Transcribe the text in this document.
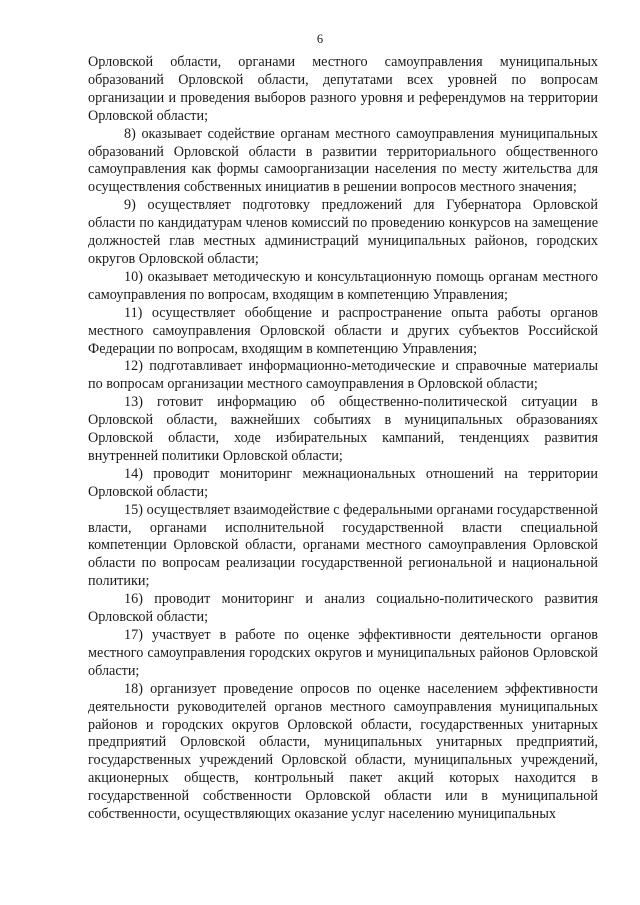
6

Орловской области, органами местного самоуправления муниципальных образований Орловской области, депутатами всех уровней по вопросам организации и проведения выборов разного уровня и референдумов на территории Орловской области;

8) оказывает содействие органам местного самоуправления муниципальных образований Орловской области в развитии территориального общественного самоуправления как формы самоорганизации населения по месту жительства для осуществления собственных инициатив в решении вопросов местного значения;

9) осуществляет подготовку предложений для Губернатора Орловской области по кандидатурам членов комиссий по проведению конкурсов на замещение должностей глав местных администраций муниципальных районов, городских округов Орловской области;

10) оказывает методическую и консультационную помощь органам местного самоуправления по вопросам, входящим в компетенцию Управления;

11) осуществляет обобщение и распространение опыта работы органов местного самоуправления Орловской области и других субъектов Российской Федерации по вопросам, входящим в компетенцию Управления;

12) подготавливает информационно-методические и справочные материалы по вопросам организации местного самоуправления в Орловской области;

13) готовит информацию об общественно-политической ситуации в Орловской области, важнейших событиях в муниципальных образованиях Орловской области, ходе избирательных кампаний, тенденциях развития внутренней политики Орловской области;

14) проводит мониторинг межнациональных отношений на территории Орловской области;

15) осуществляет взаимодействие с федеральными органами государственной власти, органами исполнительной государственной власти специальной компетенции Орловской области, органами местного самоуправления Орловской области по вопросам реализации государственной региональной и национальной политики;

16) проводит мониторинг и анализ социально-политического развития Орловской области;

17) участвует в работе по оценке эффективности деятельности органов местного самоуправления городских округов и муниципальных районов Орловской области;

18) организует проведение опросов по оценке населением эффективности деятельности руководителей органов местного самоуправления муниципальных районов и городских округов Орловской области, государственных унитарных предприятий Орловской области, муниципальных унитарных предприятий, государственных учреждений Орловской области, муниципальных учреждений, акционерных обществ, контрольный пакет акций которых находится в государственной собственности Орловской области или в муниципальной собственности, осуществляющих оказание услуг населению муниципальных
